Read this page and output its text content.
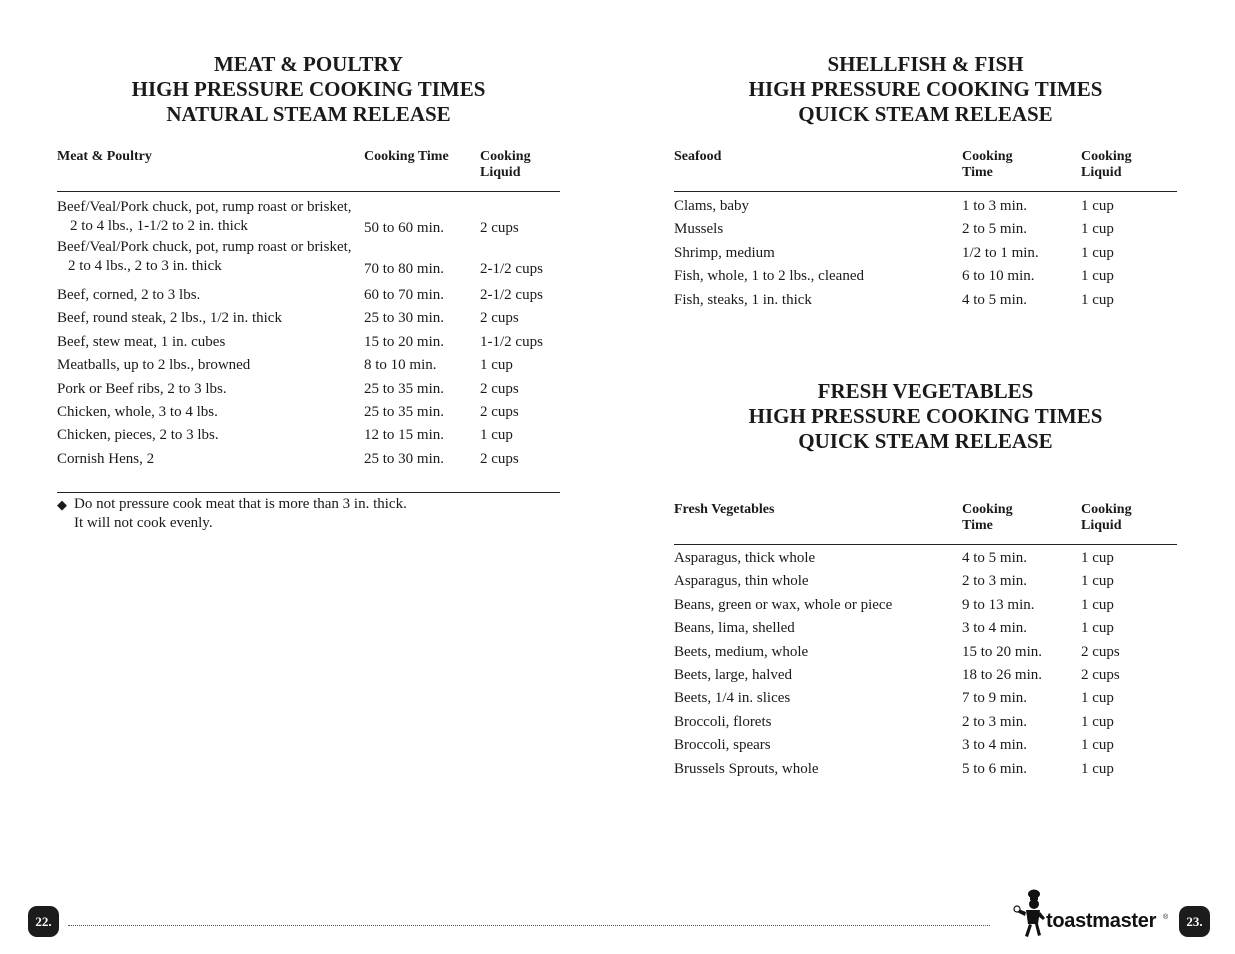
MEAT & POULTRY
HIGH PRESSURE COOKING TIMES
NATURAL STEAM RELEASE
Meat & Poultry	Cooking Time Cooking
Liquid
Beef/Veal/Pork chuck, pot, rump roast or brisket,
2 to 4 lbs., 1-1/2 to 2 in. thick	50 to 60 min. 2 cups
Beef/Veal/Pork chuck, pot, rump roast or brisket,
2 to 4 lbs., 2 to 3 in. thick	70 to 80 min. 2-1/2 cups
Beef, corned, 2 to 3 lbs.	60 to 70 min. 2-1/2 cups
Beef, round steak, 2 lbs., 1/2 in. thick	25 to 30 min. 2 cups
Beef, stew meat, 1 in. cubes	15 to 20 min. 1-1/2 cups
Meatballs, up to 2 lbs., browned	8 to 10 min.	1 cup
Pork or Beef ribs, 2 to 3 lbs.	25 to 35 min. 2 cups
Chicken, whole, 3 to 4 lbs.	25 to 35 min. 2 cups
Chicken, pieces, 2 to 3 lbs.	12 to 15 min. 1 cup
Cornish Hens, 2	25 to 30 min. 2 cups
◆ Do not pressure cook meat that is more than 3 in. thick.
It will not cook evenly.
SHELLFISH & FISH
HIGH PRESSURE COOKING TIMES
QUICK STEAM RELEASE
Seafood	Cooking
Time
Cooking
Liquid
Clams, baby	1 to 3 min.	1 cup
Mussels	2 to 5 min.	1 cup
Shrimp, medium	1/2 to 1 min.	1 cup
Fish, whole, 1 to 2 lbs., cleaned	6 to 10 min.	1 cup
Fish, steaks, 1 in. thick	4 to 5 min.	1 cup
FRESH VEGETABLES
HIGH PRESSURE COOKING TIMES
QUICK STEAM RELEASE
Fresh Vegetables	Cooking
Time
Cooking
Liquid
Asparagus, thick whole	4 to 5 min.	1 cup
Asparagus, thin whole	2 to 3 min.	1 cup
Beans, green or wax, whole or piece	9 to 13 min.	1 cup
Beans, lima, shelled	3 to 4 min.	1 cup
Beets, medium, whole	15 to 20 min.	2 cups
Beets, large, halved	18 to 26 min.	2 cups
Beets, 1/4 in. slices	7 to 9 min.	1 cup
Broccoli, florets	2 to 3 min.	1 cup
Broccoli, spears	3 to 4 min.	1 cup
Brussels Sprouts, whole	5 to 6 min.	1 cup
22.	toastmaster ®	23.
